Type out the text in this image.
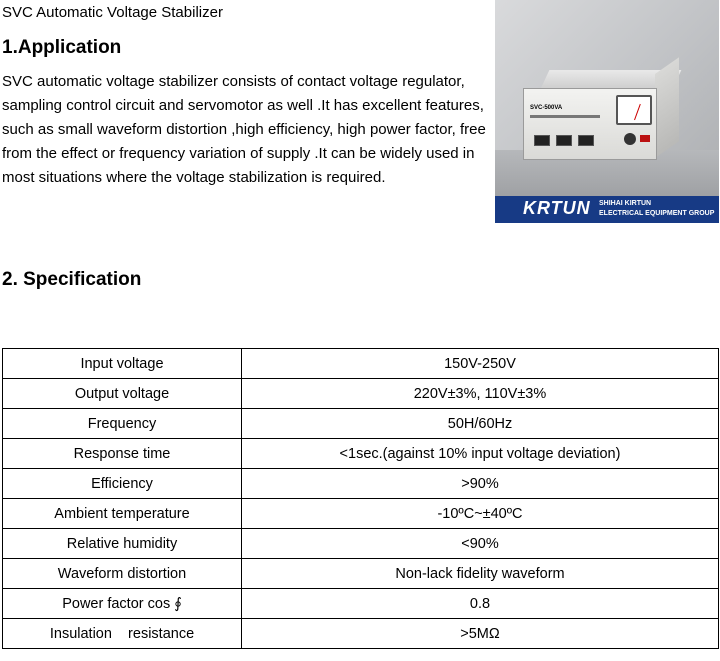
SVC Automatic Voltage Stabilizer
1.Application

SVC automatic voltage stabilizer consists of contact voltage regulator, sampling control circuit and servomotor as well .It has excellent features, such as small waveform distortion ,high efficiency, high power factor, free from the effect or frequency variation of supply .It can be widely used in most situations where the voltage stabilization is required.

SVC-500VA
KRTUN SHIHAI KIRTUN
ELECTRICAL EQUIPMENT GROUP
2. Specification
Input voltage	150V-250V
Output voltage	220V±3%, 110V±3%
Frequency	50H/60Hz
Response time	<1sec.(against 10% input voltage deviation)
Efficiency	>90%
Ambient temperature	-10ºC~±40ºC
Relative humidity	<90%
Waveform distortion	Non-lack fidelity waveform
Power factor cos ∮	0.8
Insulation    resistance	>5MΩ
